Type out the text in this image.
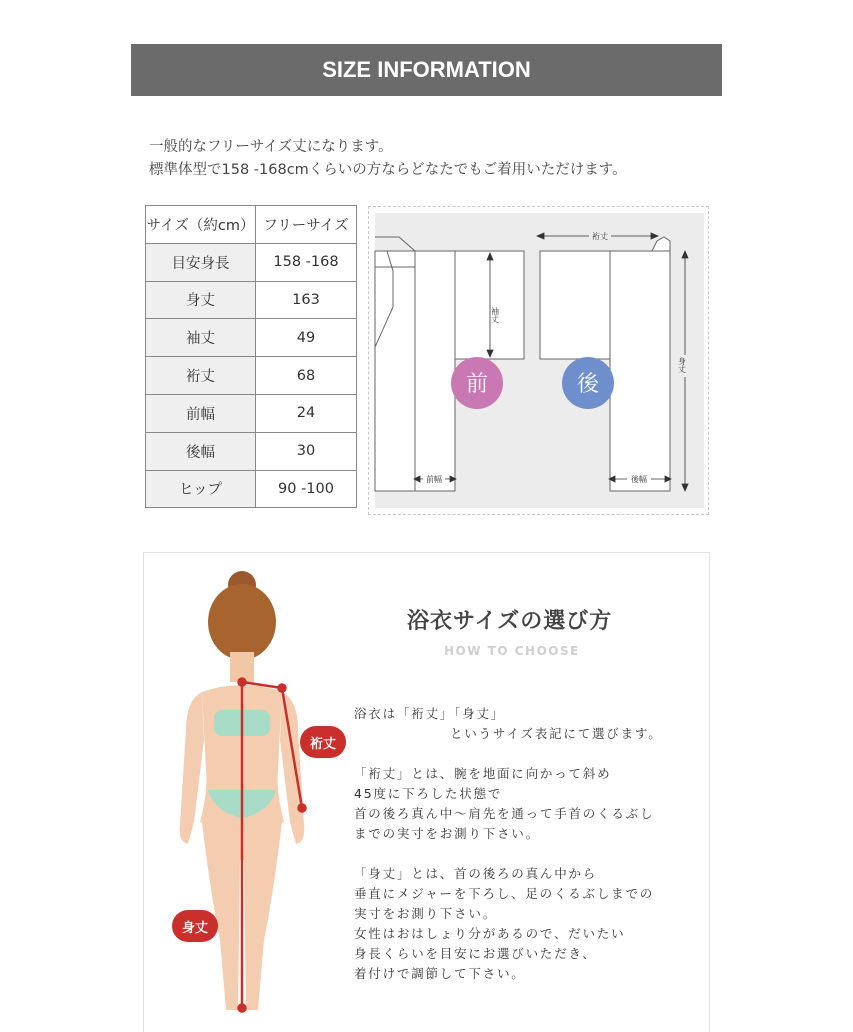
SIZE INFORMATION
一般的なフリーサイズ丈になります。
標準体型で158 -168cmくらいの方ならどなたでもご着用いただけます。
サイズ（約cm）	フリーサイズ
目安身長	158 -168
身丈	163
袖丈	49
裄丈	68
前幅	24
後幅	30
ヒップ	90 -100
前	後
袖丈
裄丈
身丈
前幅	後幅
裄丈
身丈
浴衣サイズの選び方
HOW TO CHOOSE

浴衣は「裄丈」「身丈」
というサイズ表記にて選びます。

「裄丈」とは、腕を地面に向かって斜め
45度に下ろした状態で
首の後ろ真ん中～肩先を通って手首のくるぶし
までの実寸をお測り下さい。

「身丈」とは、首の後ろの真ん中から
垂直にメジャーを下ろし、足のくるぶしまでの
実寸をお測り下さい。
女性はおはしょり分があるので、だいたい
身長くらいを目安にお選びいただき、
着付けで調節して下さい。
